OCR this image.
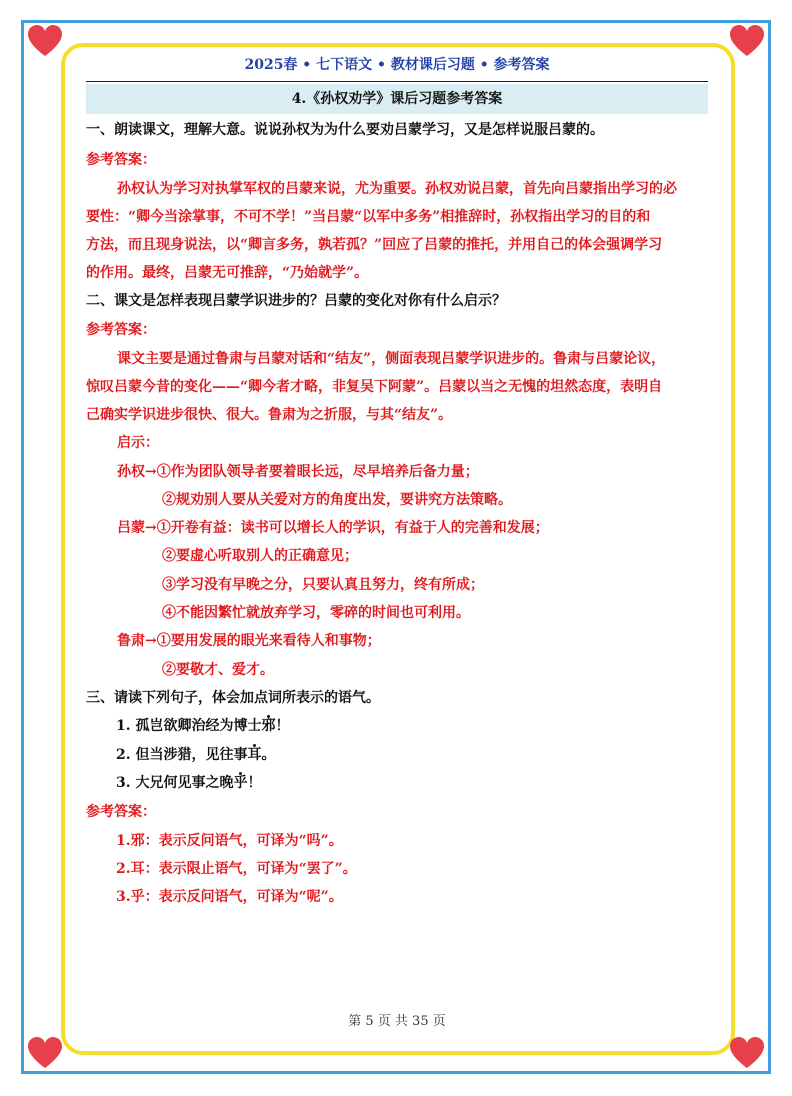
2025春 • 七下语文 • 教材课后习题 • 参考答案
4.《孙权劝学》课后习题参考答案
一、朗读课文，理解大意。说说孙权为为什么要劝吕蒙学习，又是怎样说服吕蒙的。
参考答案：
孙权认为学习对执掌军权的吕蒙来说，尤为重要。孙权劝说吕蒙，首先向吕蒙指出学习的必
要性：“卿今当涂掌事，不可不学！”当吕蒙“以军中多务”相推辞时，孙权指出学习的目的和
方法，而且现身说法，以“卿言多务，孰若孤？”回应了吕蒙的推托，并用自己的体会强调学习
的作用。最终，吕蒙无可推辞，“乃始就学”。
二、课文是怎样表现吕蒙学识进步的？吕蒙的变化对你有什么启示？
参考答案：
课文主要是通过鲁肃与吕蒙对话和“结友”，侧面表现吕蒙学识进步的。鲁肃与吕蒙论议，
惊叹吕蒙今昔的变化——“卿今者才略，非复吴下阿蒙”。吕蒙以当之无愧的坦然态度，表明自
己确实学识进步很快、很大。鲁肃为之折服，与其“结友”。
启示：
孙权→①作为团队领导者要着眼长远，尽早培养后备力量；
②规劝别人要从关爱对方的角度出发，要讲究方法策略。
吕蒙→①开卷有益：读书可以增长人的学识，有益于人的完善和发展；
②要虚心听取别人的正确意见；
③学习没有早晚之分，只要认真且努力，终有所成；
④不能因繁忙就放弃学习，零碎的时间也可利用。
鲁肃→①要用发展的眼光来看待人和事物；
②要敬才、爱才。
三、请读下列句子，体会加点词所表示的语气。
1. 孤岂欲卿治经为博士邪！
2. 但当涉猎，见往事耳。
3. 大兄何见事之晚乎！
参考答案：
1.邪：表示反问语气，可译为“吗”。
2.耳：表示限止语气，可译为“罢了”。
3.乎：表示反问语气，可译为“呢”。
第 5 页 共 35 页
